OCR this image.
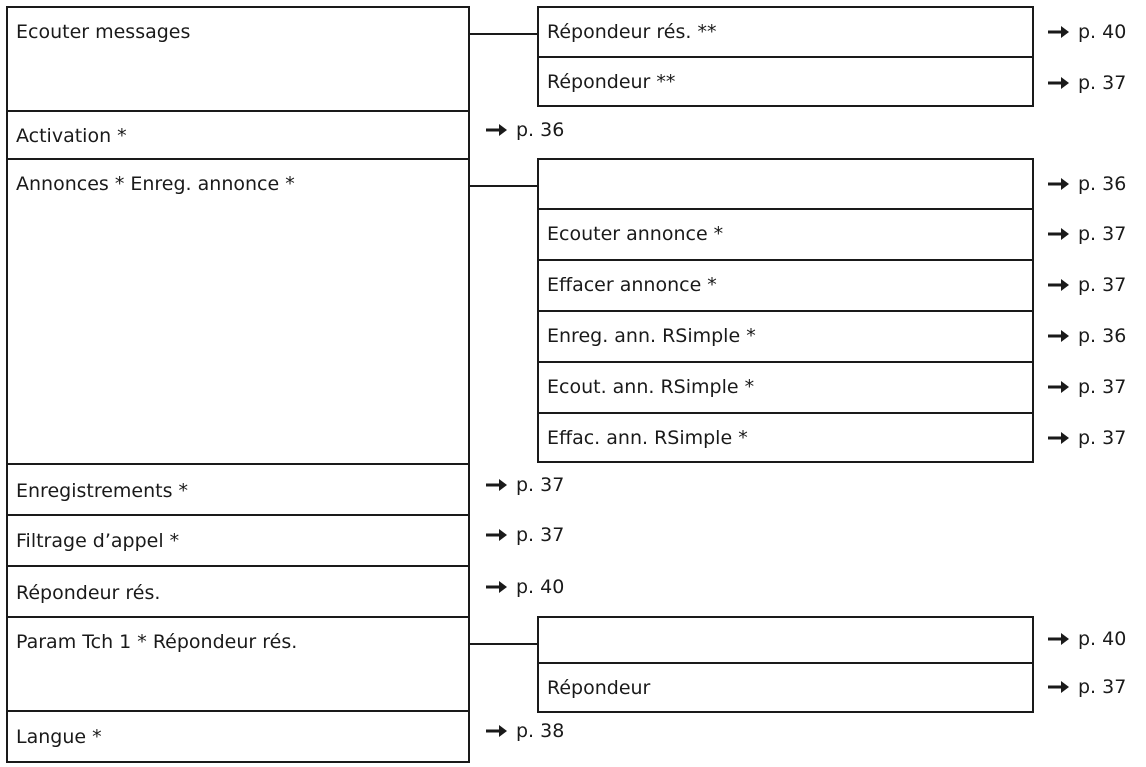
Ecouter messages
Activation *
Annonces * Enreg. annonce *
Enregistrements *
Filtrage d’appel *
Répondeur rés.
Param Tch 1 * Répondeur rés.
Langue *
p. 36
p. 37
p. 37
p. 40
p. 38
Répondeur rés. **
Répondeur **
p. 40
p. 37
Ecouter annonce *
Effacer annonce *
Enreg. ann. RSimple *
Ecout. ann. RSimple *
Effac. ann. RSimple *
p. 36
p. 37
p. 37
p. 36
p. 37
p. 37
Répondeur
p. 40
p. 37
